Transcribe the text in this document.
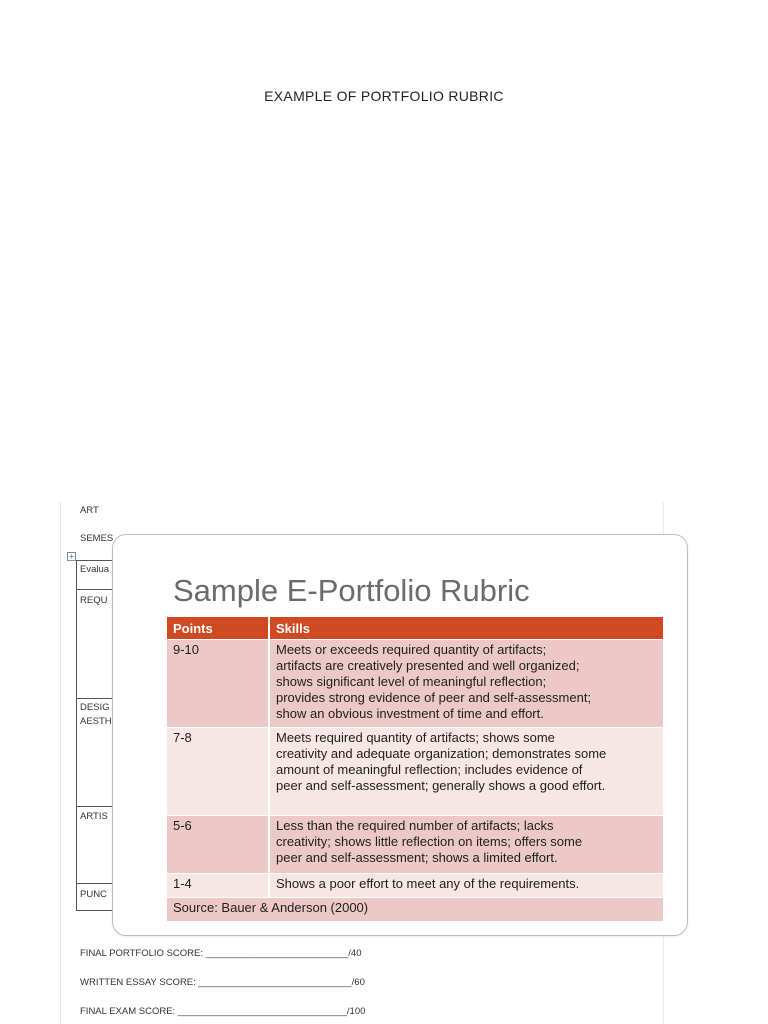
EXAMPLE OF PORTFOLIO RUBRIC
ART
SEMES
+
Evalua
REQU
DESIG
AESTH
ARTIS
PUNC
FINAL PORTFOLIO SCORE: ___________________________/40
WRITTEN ESSAY SCORE: _____________________________/60
FINAL EXAM SCORE: ________________________________/100
Sample E-Portfolio Rubric
Points	Skills
9-10	Meets or exceeds required quantity of artifacts;
artifacts are creatively presented and well organized;
shows significant level of meaningful reflection;
provides strong evidence of peer and self-assessment;
show an obvious investment of time and effort.

7-8	Meets required quantity of artifacts; shows some
creativity and adequate organization; demonstrates some
amount of meaningful reflection; includes evidence of
peer and self-assessment; generally shows a good effort.

5-6	Less than the required number of artifacts; lacks
creativity; shows little reflection on items; offers some
peer and self-assessment; shows a limited effort.

1-4	Shows a poor effort to meet any of the requirements.

Source: Bauer & Anderson (2000)	
